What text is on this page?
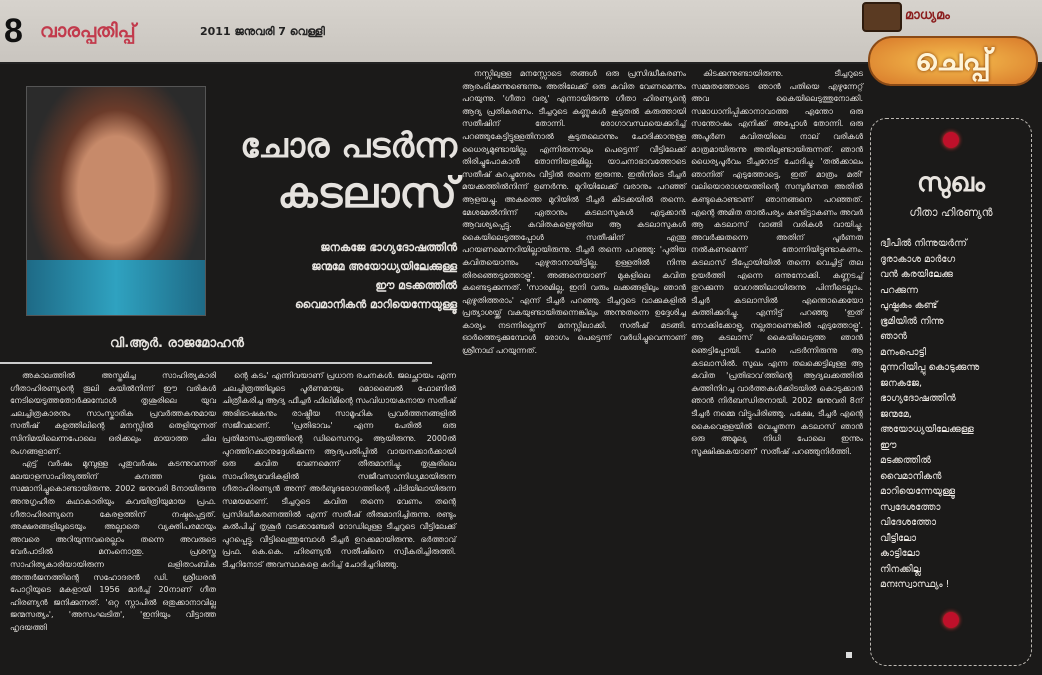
8 വാരപ്പതിപ്പ്	2011 ജനുവരി 7 വെള്ളി
മാധ്യമം
ചെപ്പ്
ചോര പടർന്ന
കടലാസ്
ജനകജേ ഭാഗ്യദോഷത്തിൻ
ജന്മമേ അയോധ്യയിലേക്കുള്ള
ഈ മടക്കത്തിൽ
വൈമാനികൻ മാറിയെന്നേയുള്ളൂ
വി.ആർ. രാജമോഹൻ

അകാലത്തിൽ അസ്തമിച്ച സാഹിത്യകാരി ഗീതാഹിരണ്യന്റെ തൂലി കയിൽനിന്ന് ഈ വരികൾ നേടിയെടുത്തതോർക്കുമ്പോൾ തൃശൂരിലെ യുവ ചലച്ചിത്രകാരനും സാംസ്കാരിക പ്രവർത്തകനുമായ സതീഷ് കളത്തിലിന്റെ മനസ്സിൽ തെളിയുന്നത് സിനിമയിലെന്നപോലെ ഒരിക്കലും മായാത്ത ചില രംഗങ്ങളാണ്.

എട്ട് വർഷം മുമ്പുള്ള പുതുവർഷം കടന്നുവന്നത് മലയാളസാഹിത്യത്തിന് കനത്ത ദുഃഖം സമ്മാനിച്ചുകൊണ്ടായിരുന്നു. 2002 ജനുവരി 8നായിരുന്നു അനുഗൃഹീത കഥാകാരിയും കവയിത്രിയുമായ പ്രഫ. ഗീതാഹിരണ്യനെ കേരളത്തിന് നഷ്ടപ്പെട്ടത്. അക്ഷരങ്ങളിലൂടെയും അല്ലാതെ വ്യക്തിപരമായും അവരെ അറിയുന്നവരെല്ലാം തന്നെ അവരുടെ വേർപാടിൽ മനംനൊന്തു. പ്രശസ്ത സാഹിത്യകാരിയായിരുന്ന ലളിതാംബിക അന്തർജനത്തിന്റെ സഹോദരൻ ഡി. ശ്രീധരൻ പോറ്റിയുടെ മകളായി 1956 മാർച്ച് 20നാണ് ഗീത ഹിരണ്യൻ ജനിക്കുന്നത്. 'ഒറ്റ സ്നാപിൽ ഒതുക്കാനാവില്ല ജന്മസത്യം', 'അസംഘടിത', 'ഇനിയും വീട്ടാത്ത ഹൃദയത്തി

ന്റെ കടം' എന്നിവയാണ് പ്രധാന രചനകൾ. ജലച്ഛായം എന്ന ചലച്ചിത്രത്തിലൂടെ പൂർണമായും മൊബൈൽ ഫോണിൽ ചിത്രീകരിച്ച ആദ്യ ഫീച്ചർ ഫിലിമിന്റെ സംവിധായകനായ സതീഷ് അഭിഭാഷകനും രാഷ്ട്രീയ സാമൂഹിക പ്രവർത്തനങ്ങളിൽ സജീവമാണ്. 'പ്രതിഭാവം' എന്ന പേരിൽ ഒരു പ്രതിമാസപത്രത്തിന്റെ ഡിസൈനറും ആയിരുന്നു. 2000ൽ പുറത്തിറക്കാനുദ്ദേശിക്കുന്ന ആദ്യപതിപ്പിൽ വായനക്കാർക്കായി ഒരു കവിത വേണമെന്ന് തീരുമാനിച്ചു. തൃശൂരിലെ സാഹിത്യവേദികളിൽ സജീവസാന്നിധ്യമായിരുന്ന ഗീതാഹിരണ്യൻ അന്ന് അർബുദരോഗത്തിന്റെ പിടിയിലായിരുന്ന സമയമാണ്. ടീച്ചറുടെ കവിത തന്നെ വേണം തന്റെ പ്രസിദ്ധീകരണത്തിൽ എന്ന് സതീഷ് തീരുമാനിച്ചിരുന്നു. രണ്ടും കൽപിച്ച് തൃശൂർ വടക്കാഞ്ചേരി റോഡിലുള്ള ടീച്ചറുടെ വീട്ടിലേക്ക് പുറപ്പെട്ടു. വീട്ടിലെത്തുമ്പോൾ ടീച്ചർ ഉറക്കമായിരുന്നു. ഭർത്താവ് പ്രഫ. കെ.കെ. ഹിരണ്യൻ സതീഷിനെ സ്വീകരിച്ചിരുത്തി. ടീച്ചറിനോട് അവസ്ഥകളെ കുറിച്ച് ചോദിച്ചറിഞ്ഞു.

നസ്സിലുള്ള മനസ്സോടെ തങ്ങൾ ഒരു പ്രസിദ്ധീകരണം ആരംഭിക്കുന്നുണ്ടെന്നും അതിലേക്ക് ഒരു കവിത വേണമെന്നും പറയുന്നു. 'ഗീതാ വര്യ' എന്നായിരുന്നു ഗീതാ ഹിരണ്യന്റെ ആദ്യ പ്രതികരണം. ടീച്ചറുടെ കണ്ണുകൾ കൂടുതൽ കരുത്തായി സതീഷിന് തോന്നി. രോഗാവസ്ഥയെക്കുറിച്ച് പറഞ്ഞുകേട്ടിട്ടുള്ളതിനാൽ കൂടുതലൊന്നും ചോദിക്കാനുള്ള ധൈര്യമുണ്ടായില്ല. എന്നിരുന്നാലും പെട്ടെന്ന് വീട്ടിലേക്ക് തിരിച്ചുപോകാൻ തോന്നിയതുമില്ല. യാചനാഭാവത്തോടെ സതീഷ് കുറച്ചുനേരം വീട്ടിൽ തന്നെ ഇരുന്നു. ഇതിനിടെ ടീച്ചർ മയക്കത്തിൽനിന്ന് ഉണർന്നു. മുറിയിലേക്ക് വരാനും പറഞ്ഞ് ആളയച്ചു. അകത്തെ മുറിയിൽ ടീച്ചർ കിടക്കയിൽ തന്നെ. മേശമേൽനിന്ന് ഏതാനും കടലാസുകൾ എടുക്കാൻ ആവശ്യപ്പെട്ടു. കവിതകളെഴുതിയ ആ കടലാസുകൾ കൈയിലെടുത്തപ്പോൾ സതീഷിന് എന്തു പറയണമെന്നറിയില്ലായിരുന്നു. ടീച്ചർ തന്നെ പറഞ്ഞു: 'പുതിയ കവിതയൊന്നും എഴുതാനായിട്ടില്ല. ഉള്ളതിൽ നിന്നു തിരഞ്ഞെടുത്തോളൂ'. അങ്ങനെയാണ് മുകളിലെ കവിത കണ്ടെടുക്കുന്നത്. 'സാരമില്ല, ഇനി വരും ലക്കങ്ങളിലും ഞാൻ എഴുതിത്തരാം' എന്ന് ടീച്ചർ പറഞ്ഞു. ടീച്ചറുടെ വാക്കുകളിൽ പ്രത്യാശയ്ക്ക് വകയുണ്ടായിരുന്നെങ്കിലും അന്നുതന്നെ ഉദ്ദേശിച്ച കാര്യം നടന്നില്ലെന്ന് മനസ്സിലാക്കി. സതീഷ് മടങ്ങി. ഓർത്തെടുക്കുമ്പോൾ രോഗം പെട്ടെന്ന് വർധിച്ചുവെന്നാണ് ശ്രീനാഥ് പറയുന്നത്.

കിടക്കുന്നുണ്ടായിരുന്നു. ടീച്ചറുടെ സമ്മതത്തോടെ ഞാൻ പതിയെ എഴുന്നേറ്റ് അവ കൈയിലെടുത്തുനോക്കി. സമാധാനിപ്പിക്കാനാവാത്ത എന്തോ ഒരു സന്തോഷം എനിക്ക് അപ്പോൾ തോന്നി. ഒരു അപൂർണ കവിതയിലെ നാല് വരികൾ മാത്രമായിരുന്നു അതിലുണ്ടായിരുന്നത്. ഞാൻ ധൈര്യപൂർവം ടീച്ചറോട് ചോദിച്ചു. 'തൽക്കാലം ഞാനിത് എടുത്തോട്ടെ, ഇത് മാത്രം മതി' വലിയൊരാശയത്തിന്റെ സമ്പൂർണത അതിൽ കണ്ടുകൊണ്ടാണ് ഞാനങ്ങനെ പറഞ്ഞത്. എന്റെ അമിത താൽപര്യം കണ്ടിട്ടാകണം അവർ ആ കടലാസ് വാങ്ങി വരികൾ വായിച്ചു. അവർക്കുതന്നെ അതിന് പൂർണത നൽകണമെന്ന് തോന്നിയിട്ടുണ്ടാകണം. കടലാസ് ടീപ്പോയിയിൽ തന്നെ വെച്ചിട്ട് തല ഉയർത്തി എന്നെ ഒന്നുനോക്കി. കണ്ണടച്ച് തുറക്കുന്ന വേഗത്തിലായിരുന്നു പിന്നീടെല്ലാം. ടീച്ചർ കടലാസിൽ എന്തൊക്കെയോ കുത്തിക്കുറിച്ചു. എന്നിട്ട് പറഞ്ഞു 'ഇത് നോക്കിക്കോളൂ, നല്ലതാണെങ്കിൽ എടുത്തോളൂ'. ആ കടലാസ് കൈയിലെടുത്ത ഞാൻ ഞെട്ടിപ്പോയി. ചോര പടർന്നിരുന്നു ആ കടലാസിൽ. സുഖം എന്ന തലക്കെട്ടിലുള്ള ആ കവിത 'പ്രതിഭാവ'ത്തിന്റെ ആദ്യലക്കത്തിൽ കുത്തിനിറച്ച വാർത്തകൾക്കിടയിൽ കൊടുക്കാൻ ഞാൻ നിർബന്ധിതനായി. 2002 ജനുവരി 8ന് ടീച്ചർ നമ്മെ വിട്ടുപിരിഞ്ഞു. പക്ഷേ, ടീച്ചർ എന്റെ കൈവെള്ളയിൽ വെച്ചുതന്ന കടലാസ് ഞാൻ ഒരു അമൂല്യ നിധി പോലെ ഇന്നും സൂക്ഷിക്കുകയാണ്' സതീഷ് പറഞ്ഞുനിർത്തി.

സുഖം
ഗീതാ ഹിരണ്യൻ
ദ്വീപിൽ നിന്നുയർന്ന്
ദൂരാകാശ മാർഗേ
വൻ കരയിലേക്കു
പറക്കുന്ന
പുഷ്പകം കണ്ട്
ഭൂമിയിൽ നിന്നു
ഞാൻ
മനംപൊട്ടി
മുന്നറിയിപ്പു കൊടുക്കുന്നു
ജനകജേ,
ഭാഗ്യദോഷത്തിൻ
ജന്മമേ,
അയോധ്യയിലേക്കുള്ള
ഈ
മടക്കത്തിൽ
വൈമാനികൻ
മാറിയെന്നേയുള്ളൂ
സ്വദേശത്തോ
വിദേശത്തോ
വീട്ടിലോ
കാട്ടിലോ
നിനക്കില്ല
മനഃസ്വാസ്ഥ്യം !
